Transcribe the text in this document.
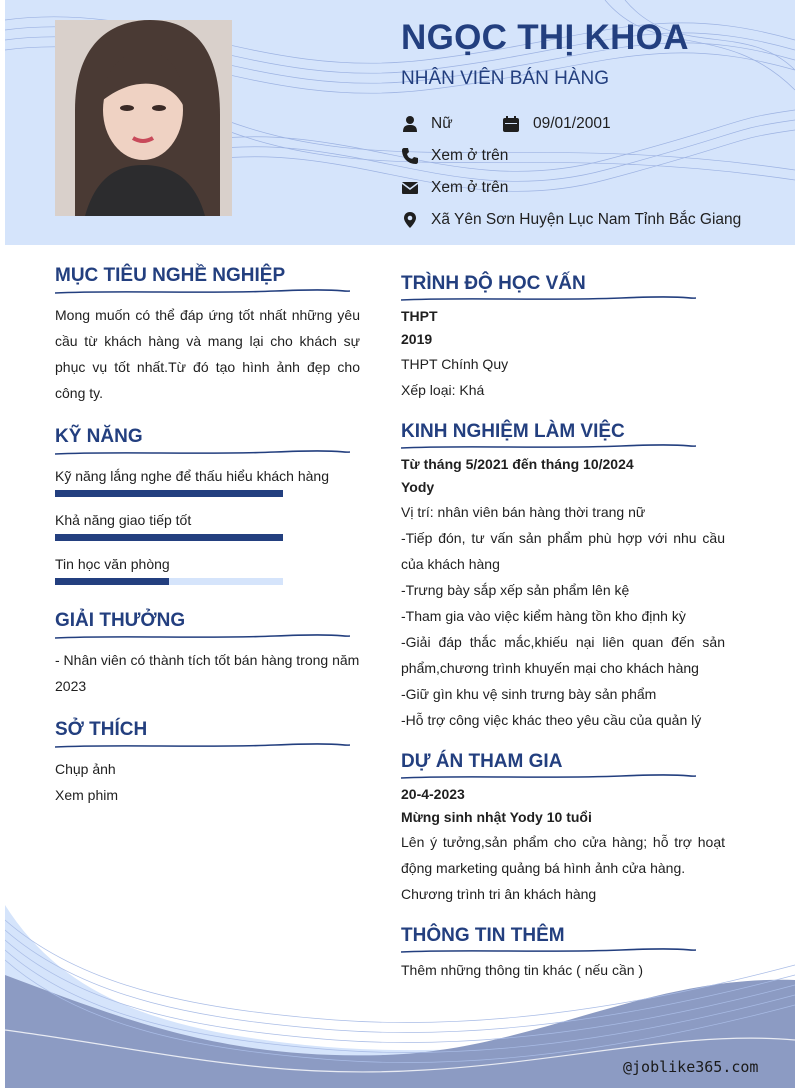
NGỌC THỊ KHOA
NHÂN VIÊN BÁN HÀNG
Nữ	09/01/2001
Xem ở trên
Xem ở trên
Xã Yên Sơn Huyện Lục Nam Tỉnh Bắc Giang
MỤC TIÊU NGHỀ NGHIỆP
Mong muốn có thể đáp ứng tốt nhất những yêu cầu từ khách hàng và mang lại cho khách sự phục vụ tốt nhất.Từ đó tạo hình ảnh đẹp cho công ty.
KỸ NĂNG
Kỹ năng lắng nghe để thấu hiểu khách hàng
Khả năng giao tiếp tốt
Tin học văn phòng
GIẢI THƯỞNG
- Nhân viên có thành tích tốt bán hàng trong năm 2023
SỞ THÍCH
Chụp ảnh
Xem phim
TRÌNH ĐỘ HỌC VẤN
THPT
2019
THPT Chính Quy
Xếp loại: Khá
KINH NGHIỆM LÀM VIỆC
Từ tháng 5/2021 đến tháng 10/2024
Yody
Vị trí: nhân viên bán hàng thời trang nữ
-Tiếp đón, tư vấn sản phẩm phù hợp với nhu cầu của khách hàng
-Trưng bày sắp xếp sản phẩm lên kệ
-Tham gia vào việc kiểm hàng tồn kho định kỳ
-Giải đáp thắc mắc,khiếu nại liên quan đến sản phẩm,chương trình khuyến mại cho khách hàng
-Giữ gìn khu vệ sinh trưng bày sản phẩm
-Hỗ trợ công việc khác theo yêu cầu của quản lý
DỰ ÁN THAM GIA
20-4-2023
Mừng sinh nhật Yody 10 tuổi
Lên ý tưởng,sản phẩm cho cửa hàng; hỗ trợ hoạt động marketing quảng bá hình ảnh cửa hàng.
Chương trình tri ân khách hàng
THÔNG TIN THÊM
Thêm những thông tin khác ( nếu cần )
@joblike365.com
